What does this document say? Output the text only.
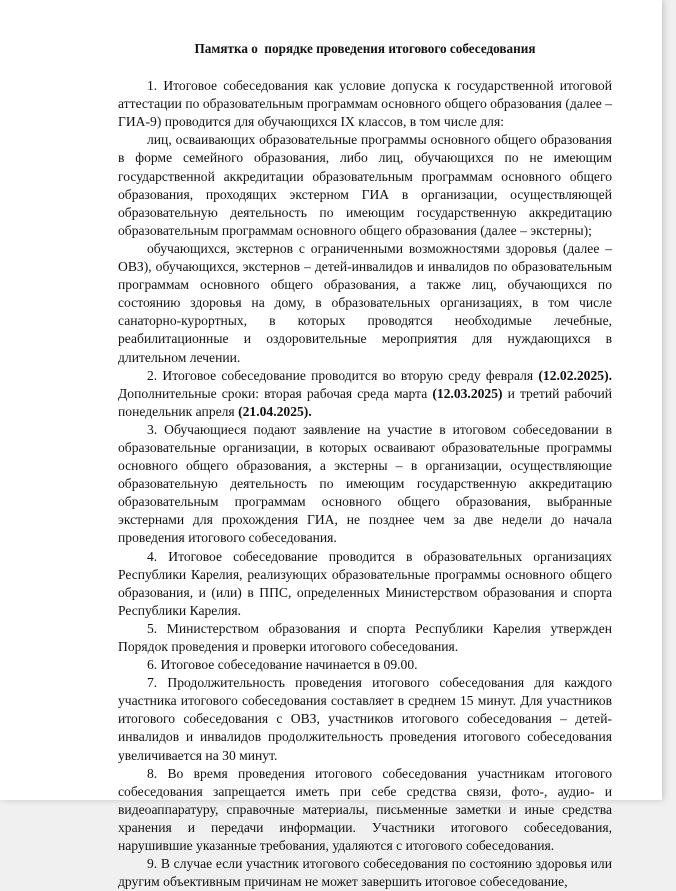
Памятка о  порядке проведения итогового собеседования

1. Итоговое собеседования как условие допуска к государственной итоговой аттестации по образовательным программам основного общего образования (далее – ГИА-9) проводится для обучающихся IX классов, в том числе для:

лиц, осваивающих образовательные программы основного общего образования в форме семейного образования, либо лиц, обучающихся по не имеющим государственной аккредитации образовательным программам основного общего образования, проходящих экстерном ГИА в организации, осуществляющей образовательную деятельность по имеющим государственную аккредитацию образовательным программам основного общего образования (далее – экстерны);

обучающихся, экстернов с ограниченными возможностями здоровья (далее – ОВЗ), обучающихся, экстернов – детей-инвалидов и инвалидов по образовательным программам основного общего образования, а также лиц, обучающихся по состоянию здоровья на дому, в образовательных организациях, в том числе санаторно-курортных, в которых проводятся необходимые лечебные, реабилитационные и оздоровительные мероприятия для нуждающихся в длительном лечении.

2. Итоговое собеседование проводится во вторую среду февраля (12.02.2025). Дополнительные сроки: вторая рабочая среда марта (12.03.2025) и третий рабочий понедельник апреля (21.04.2025).

3. Обучающиеся подают заявление на участие в итоговом собеседовании в образовательные организации, в которых осваивают образовательные программы основного общего образования, а экстерны – в организации, осуществляющие образовательную деятельность по имеющим государственную аккредитацию образовательным программам основного общего образования, выбранные экстернами для прохождения ГИА, не позднее чем за две недели до начала проведения итогового собеседования.

4. Итоговое собеседование проводится в образовательных организациях Республики Карелия, реализующих образовательные программы основного общего образования, и (или) в ППС, определенных Министерством образования и спорта Республики Карелия.

5. Министерством образования и спорта Республики Карелия утвержден Порядок проведения и проверки итогового собеседования.

6. Итоговое собеседование начинается в 09.00.

7. Продолжительность проведения итогового собеседования для каждого участника итогового собеседования составляет в среднем 15 минут. Для участников итогового собеседования с ОВЗ, участников итогового собеседования – детей-инвалидов и инвалидов продолжительность проведения итогового собеседования увеличивается на 30 минут.

8. Во время проведения итогового собеседования участникам итогового собеседования запрещается иметь при себе средства связи, фото-, аудио- и видеоаппаратуру, справочные материалы, письменные заметки и иные средства хранения и передачи информации. Участники итогового собеседования, нарушившие указанные требования, удаляются с итогового собеседования.

9. В случае если участник итогового собеседования по состоянию здоровья или другим объективным причинам не может завершить итоговое собеседование,
